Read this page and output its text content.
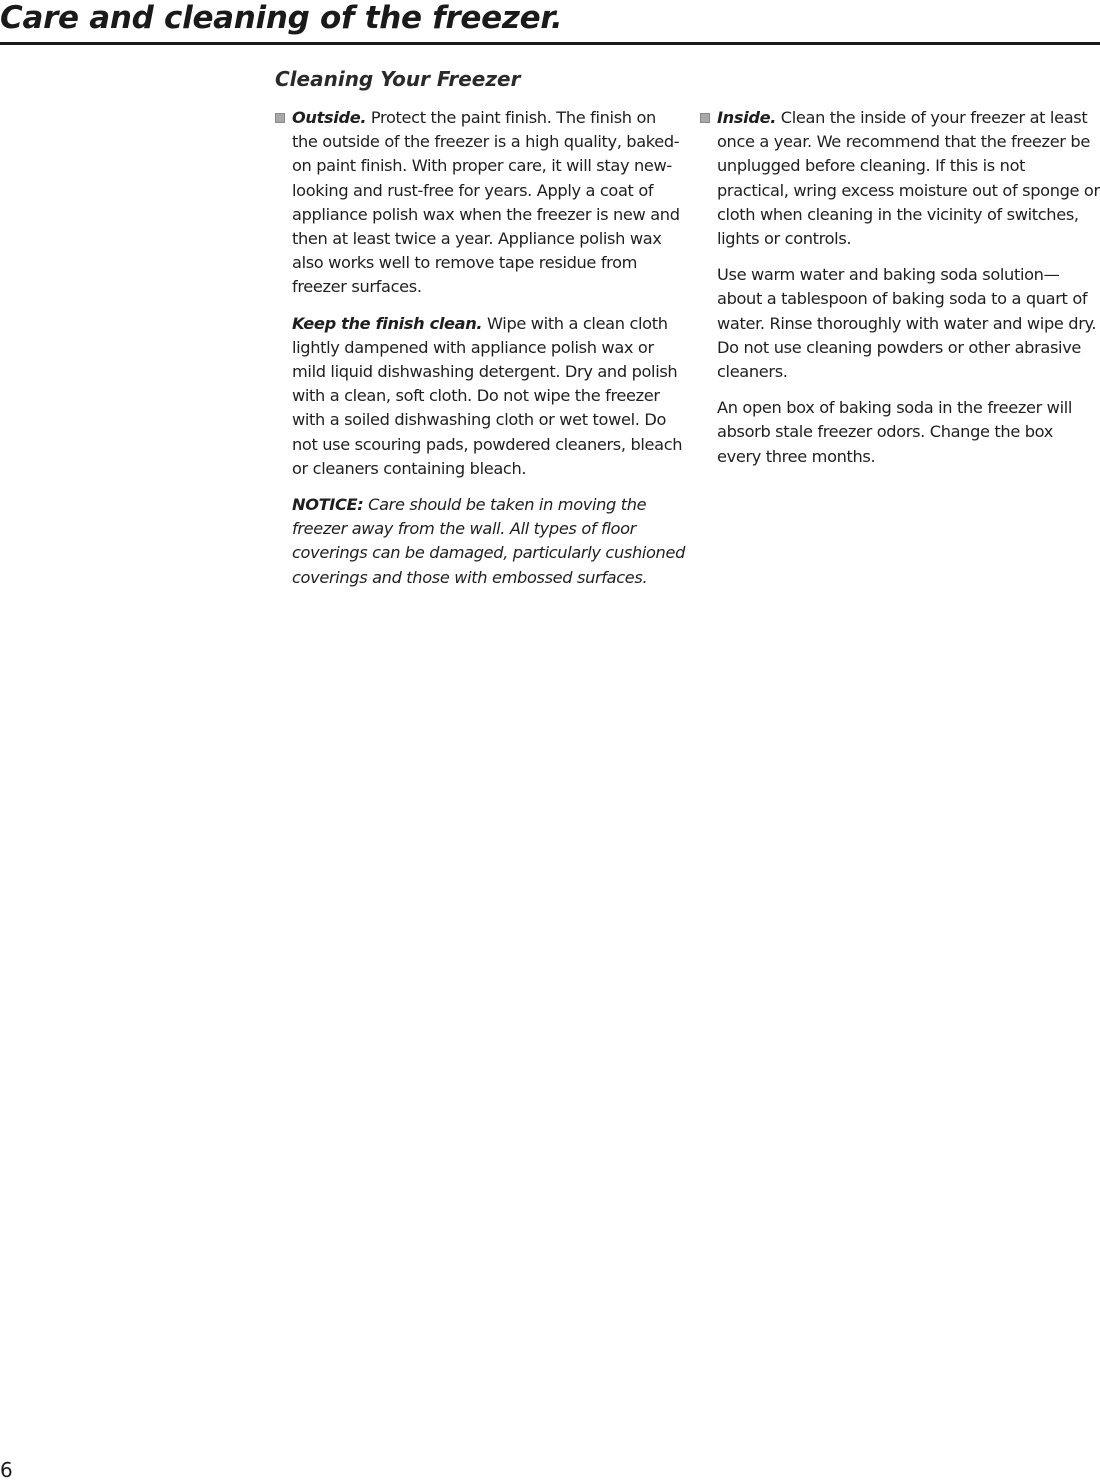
Care and cleaning of the freezer.
Cleaning Your Freezer
Outside. Protect the paint finish. The finish on the outside of the freezer is a high quality, baked-on paint finish. With proper care, it will stay new-looking and rust-free for years. Apply a coat of appliance polish wax when the freezer is new and then at least twice a year. Appliance polish wax also works well to remove tape residue from freezer surfaces.
Keep the finish clean. Wipe with a clean cloth lightly dampened with appliance polish wax or mild liquid dishwashing detergent. Dry and polish with a clean, soft cloth. Do not wipe the freezer with a soiled dishwashing cloth or wet towel. Do not use scouring pads, powdered cleaners, bleach or cleaners containing bleach.
NOTICE: Care should be taken in moving the freezer away from the wall. All types of floor coverings can be damaged, particularly cushioned coverings and those with embossed surfaces.
Inside. Clean the inside of your freezer at least once a year. We recommend that the freezer be unplugged before cleaning. If this is not practical, wring excess moisture out of sponge or cloth when cleaning in the vicinity of switches, lights or controls.
Use warm water and baking soda solution—about a tablespoon of baking soda to a quart of water. Rinse thoroughly with water and wipe dry. Do not use cleaning powders or other abrasive cleaners.
An open box of baking soda in the freezer will absorb stale freezer odors. Change the box every three months.
6
